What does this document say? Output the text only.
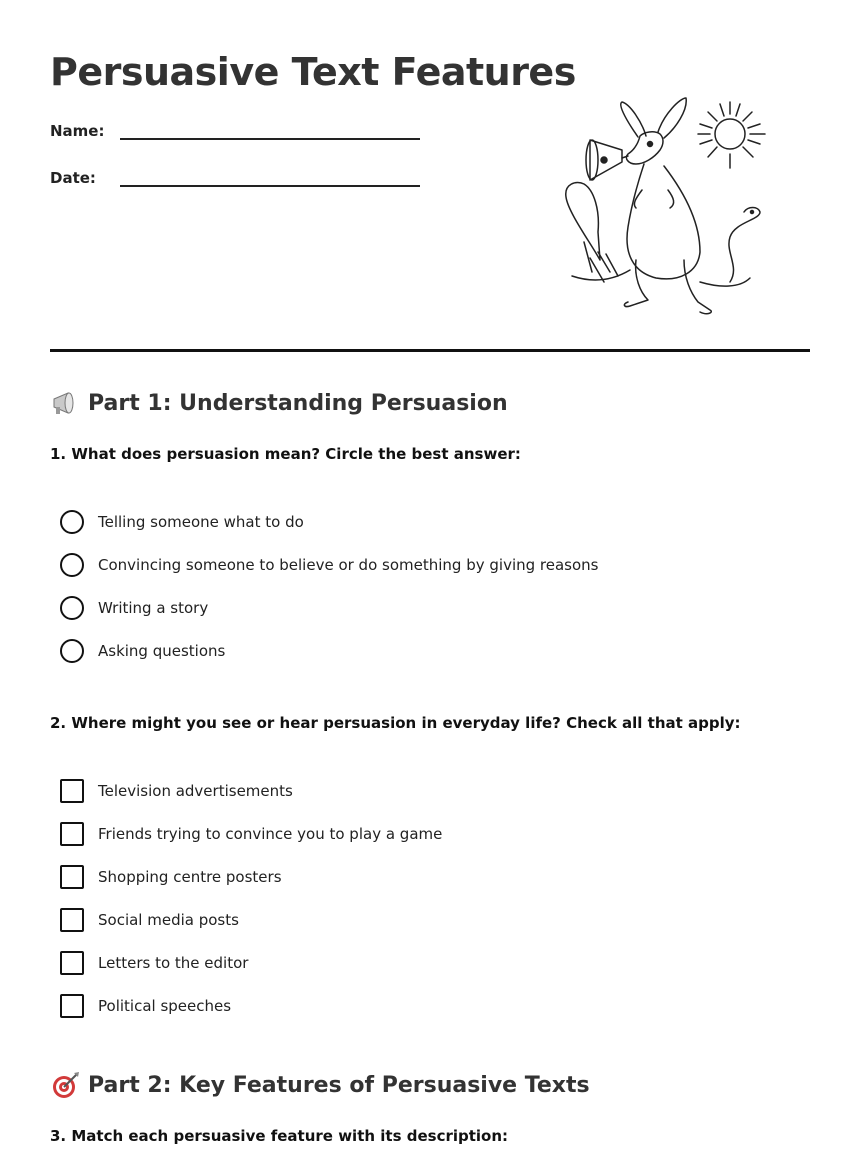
Persuasive Text Features
Name:
Date:
Part 1: Understanding Persuasion
1. What does persuasion mean? Circle the best answer:
Telling someone what to do
Convincing someone to believe or do something by giving reasons
Writing a story
Asking questions
2. Where might you see or hear persuasion in everyday life? Check all that apply:
Television advertisements
Friends trying to convince you to play a game
Shopping centre posters
Social media posts
Letters to the editor
Political speeches
Part 2: Key Features of Persuasive Texts
3. Match each persuasive feature with its description:
